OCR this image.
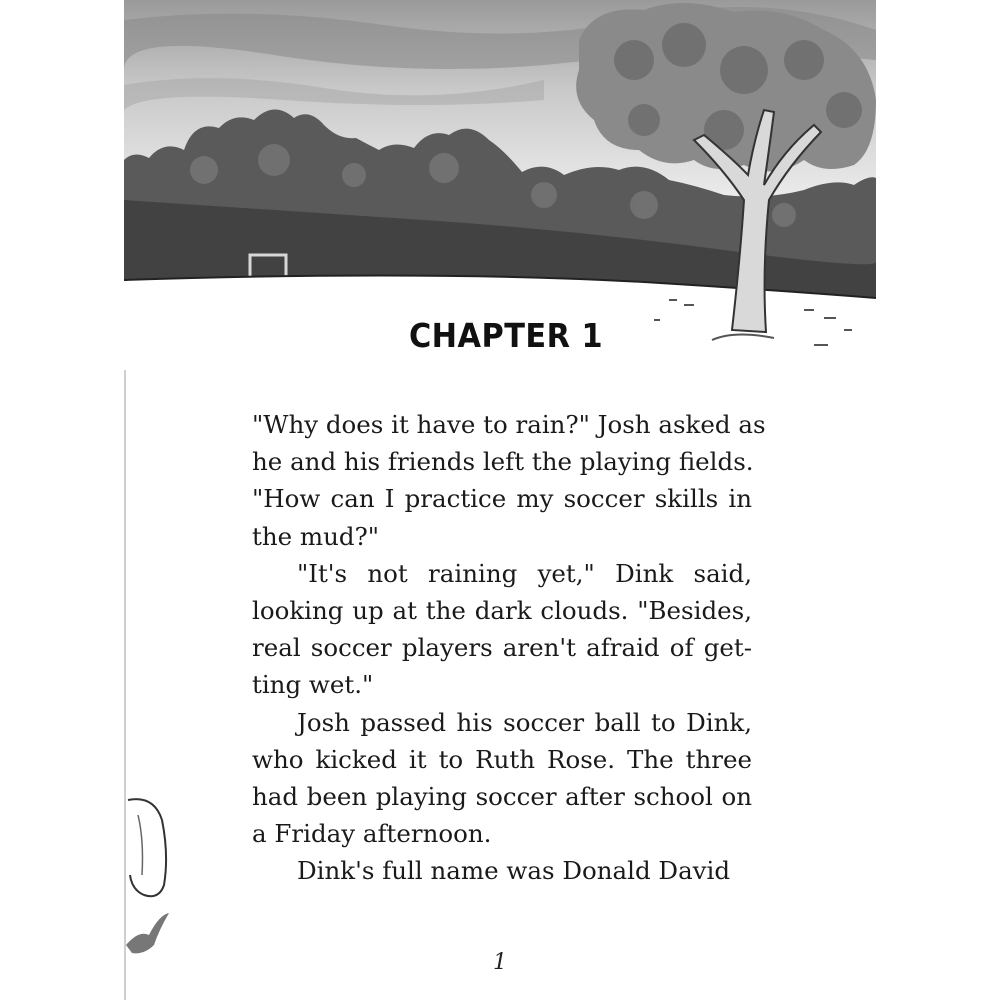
CHAPTER 1
"Why does it have to rain?" Josh asked as
he and his friends left the playing fields.
"How can I practice my soccer skills in
the mud?"
"It's not raining yet," Dink said,
looking up at the dark clouds. "Besides,
real soccer players aren't afraid of get-
ting wet."
Josh passed his soccer ball to Dink,
who kicked it to Ruth Rose. The three
had been playing soccer after school on
a Friday afternoon.
Dink's full name was Donald David
1
